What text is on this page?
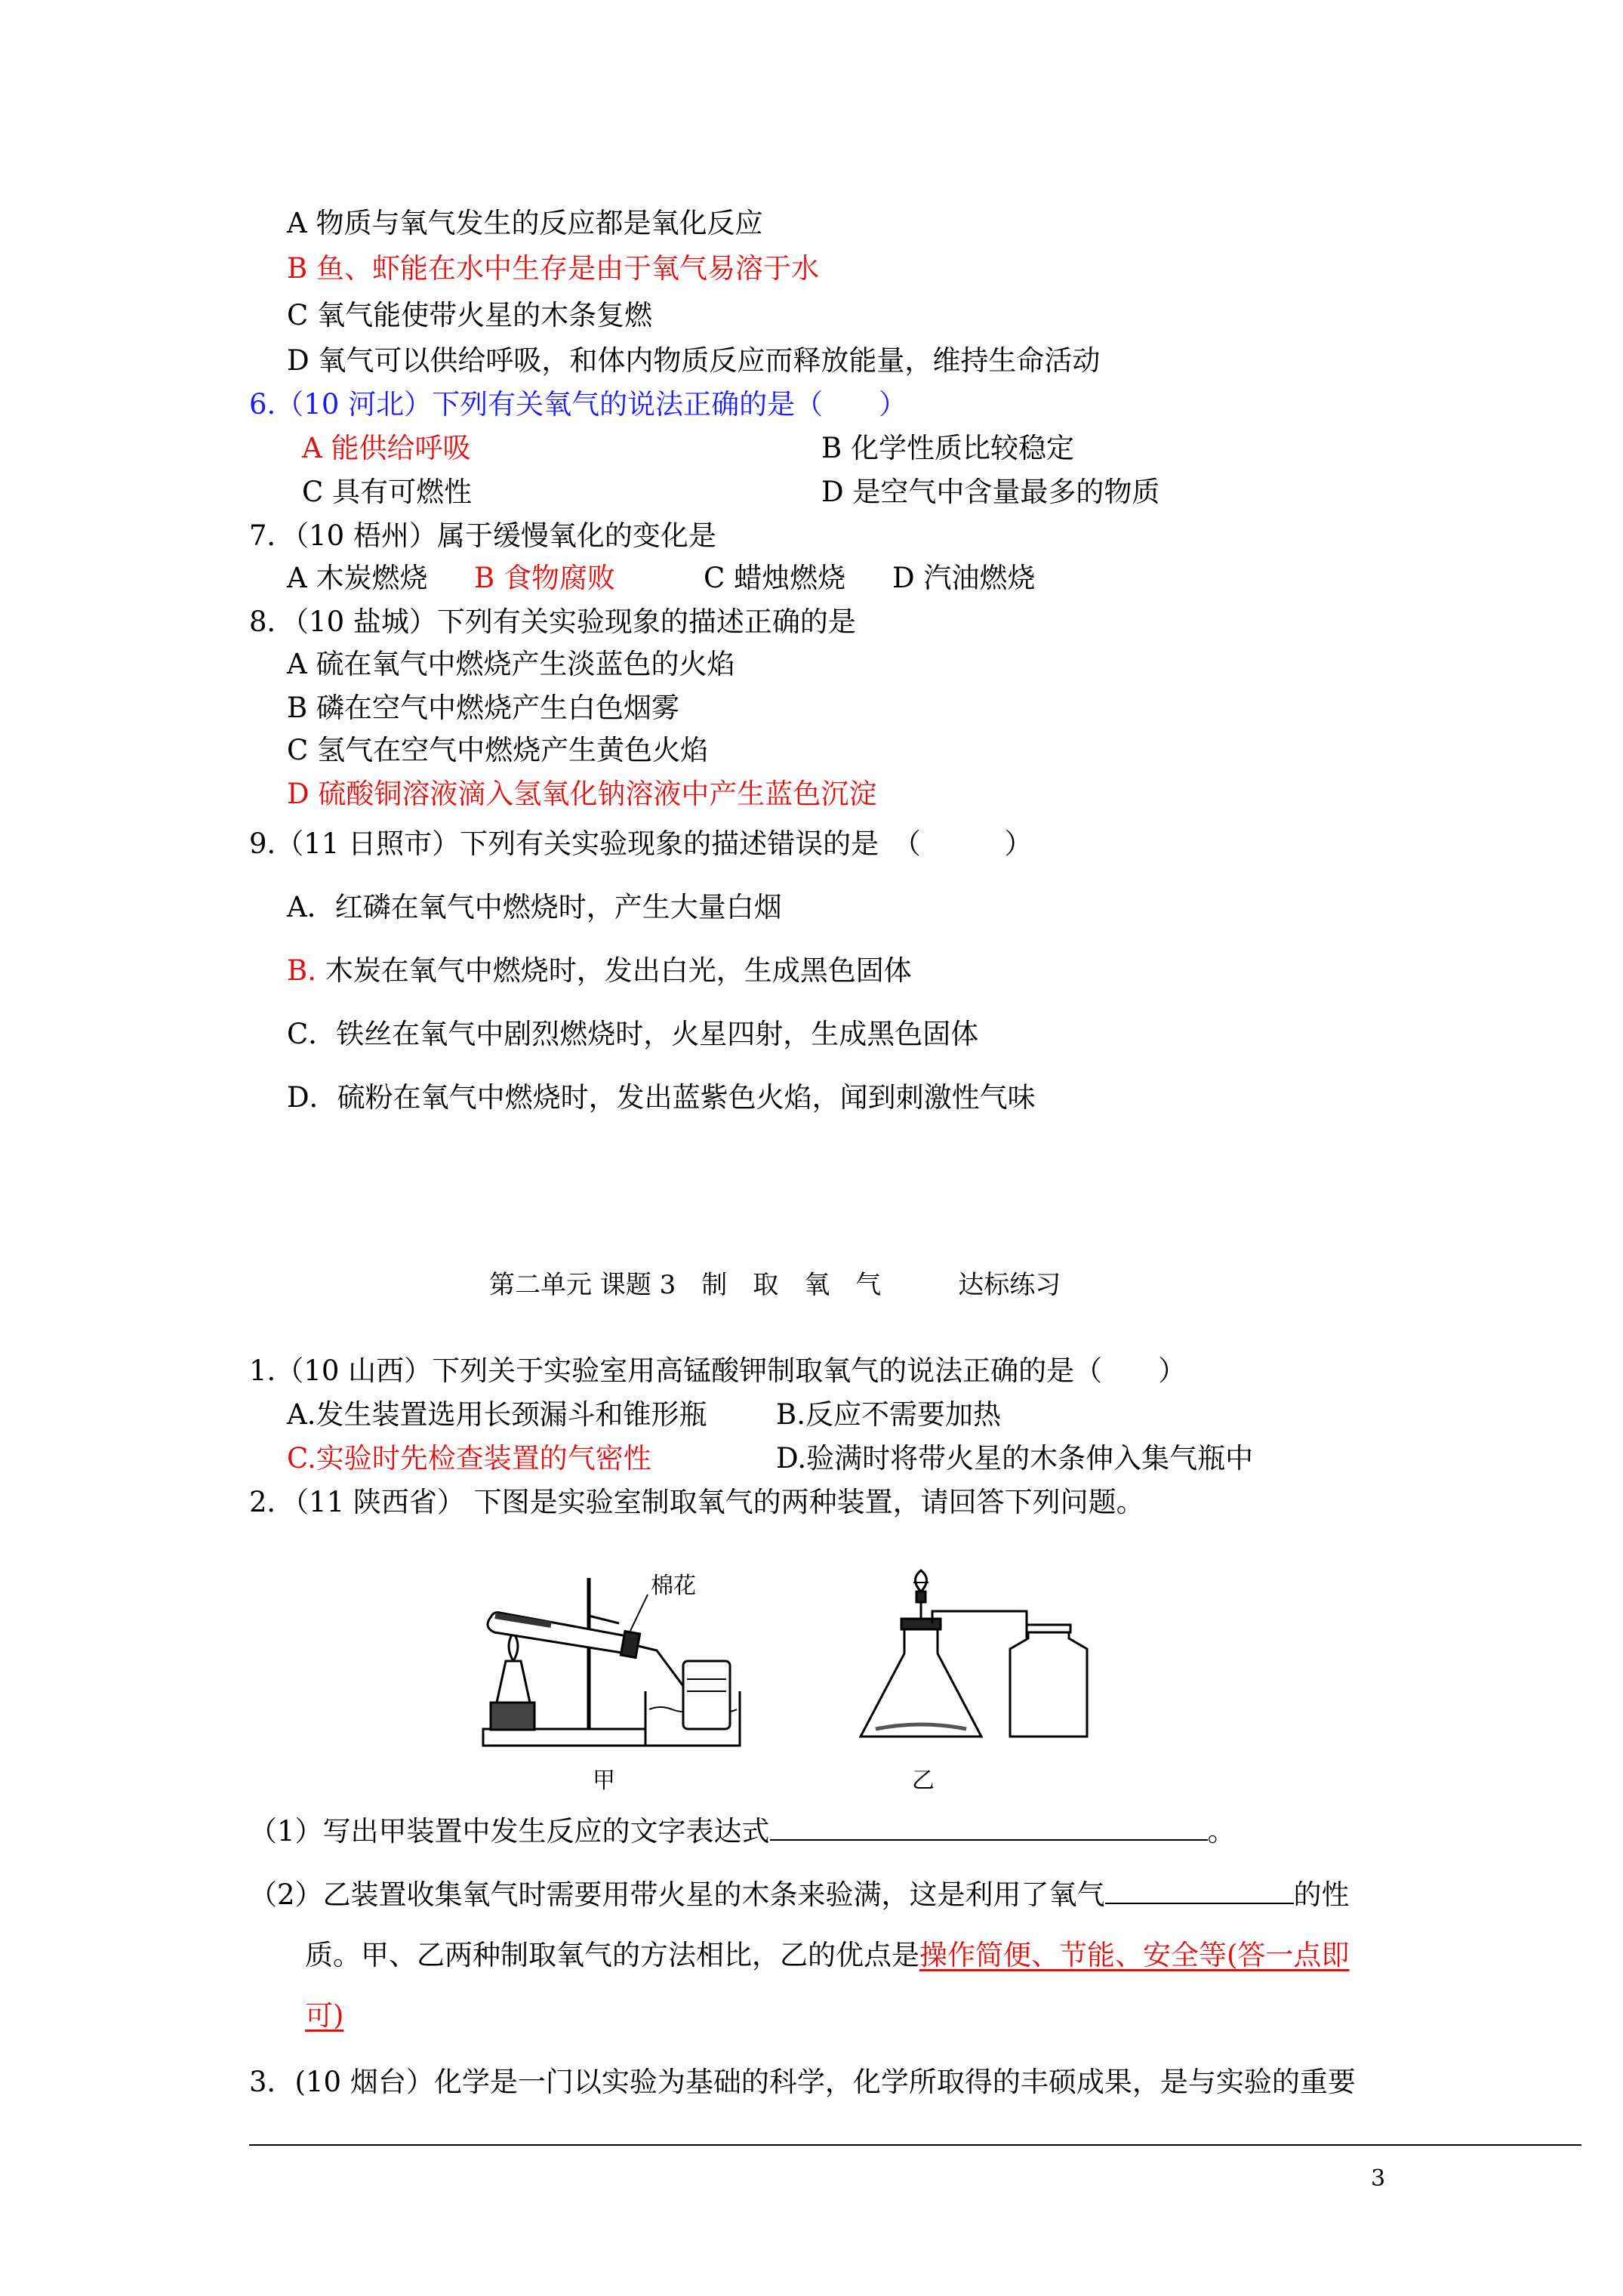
A 物质与氧气发生的反应都是氧化反应
B 鱼、虾能在水中生存是由于氧气易溶于水
C 氧气能使带火星的木条复燃
D 氧气可以供给呼吸，和体内物质反应而释放能量，维持生命活动
6.（10 河北）下列有关氧气的说法正确的是（　　）
A 能供给呼吸	B 化学性质比较稳定
C 具有可燃性	D 是空气中含量最多的物质
7．（10 梧州）属于缓慢氧化的变化是
A 木炭燃烧 B 食物腐败	C 蜡烛燃烧 D 汽油燃烧
8．（10 盐城）下列有关实验现象的描述正确的是
A 硫在氧气中燃烧产生淡蓝色的火焰
B 磷在空气中燃烧产生白色烟雾
C 氢气在空气中燃烧产生黄色火焰
D 硫酸铜溶液滴入氢氧化钠溶液中产生蓝色沉淀
9.（11 日照市）下列有关实验现象的描述错误的是　（　　　）
A．红磷在氧气中燃烧时，产生大量白烟
B. 木炭在氧气中燃烧时，发出白光，生成黑色固体
C．铁丝在氧气中剧烈燃烧时，火星四射，生成黑色固体
D．硫粉在氧气中燃烧时，发出蓝紫色火焰，闻到刺激性气味
第二单元 课题 3　制　取　氧　气　　　达标练习
1.（10 山西）下列关于实验室用高锰酸钾制取氧气的说法正确的是（　　）
A.发生装置选用长颈漏斗和锥形瓶 B.反应不需要加热
C.实验时先检查装置的气密性	D.验满时将带火星的木条伸入集气瓶中
2．（11 陕西省） 下图是实验室制取氧气的两种装置，请回答下列问题。
棉花
甲	乙
（1）写出甲装置中发生反应的文字表达式	。
（2）乙装置收集氧气时需要用带火星的木条来验满，这是利用了氧气	的性
质。甲、乙两种制取氧气的方法相比，乙的优点是操作简便、节能、安全等(答一点即
可)
3．(10 烟台）化学是一门以实验为基础的科学，化学所取得的丰硕成果，是与实验的重要
3
